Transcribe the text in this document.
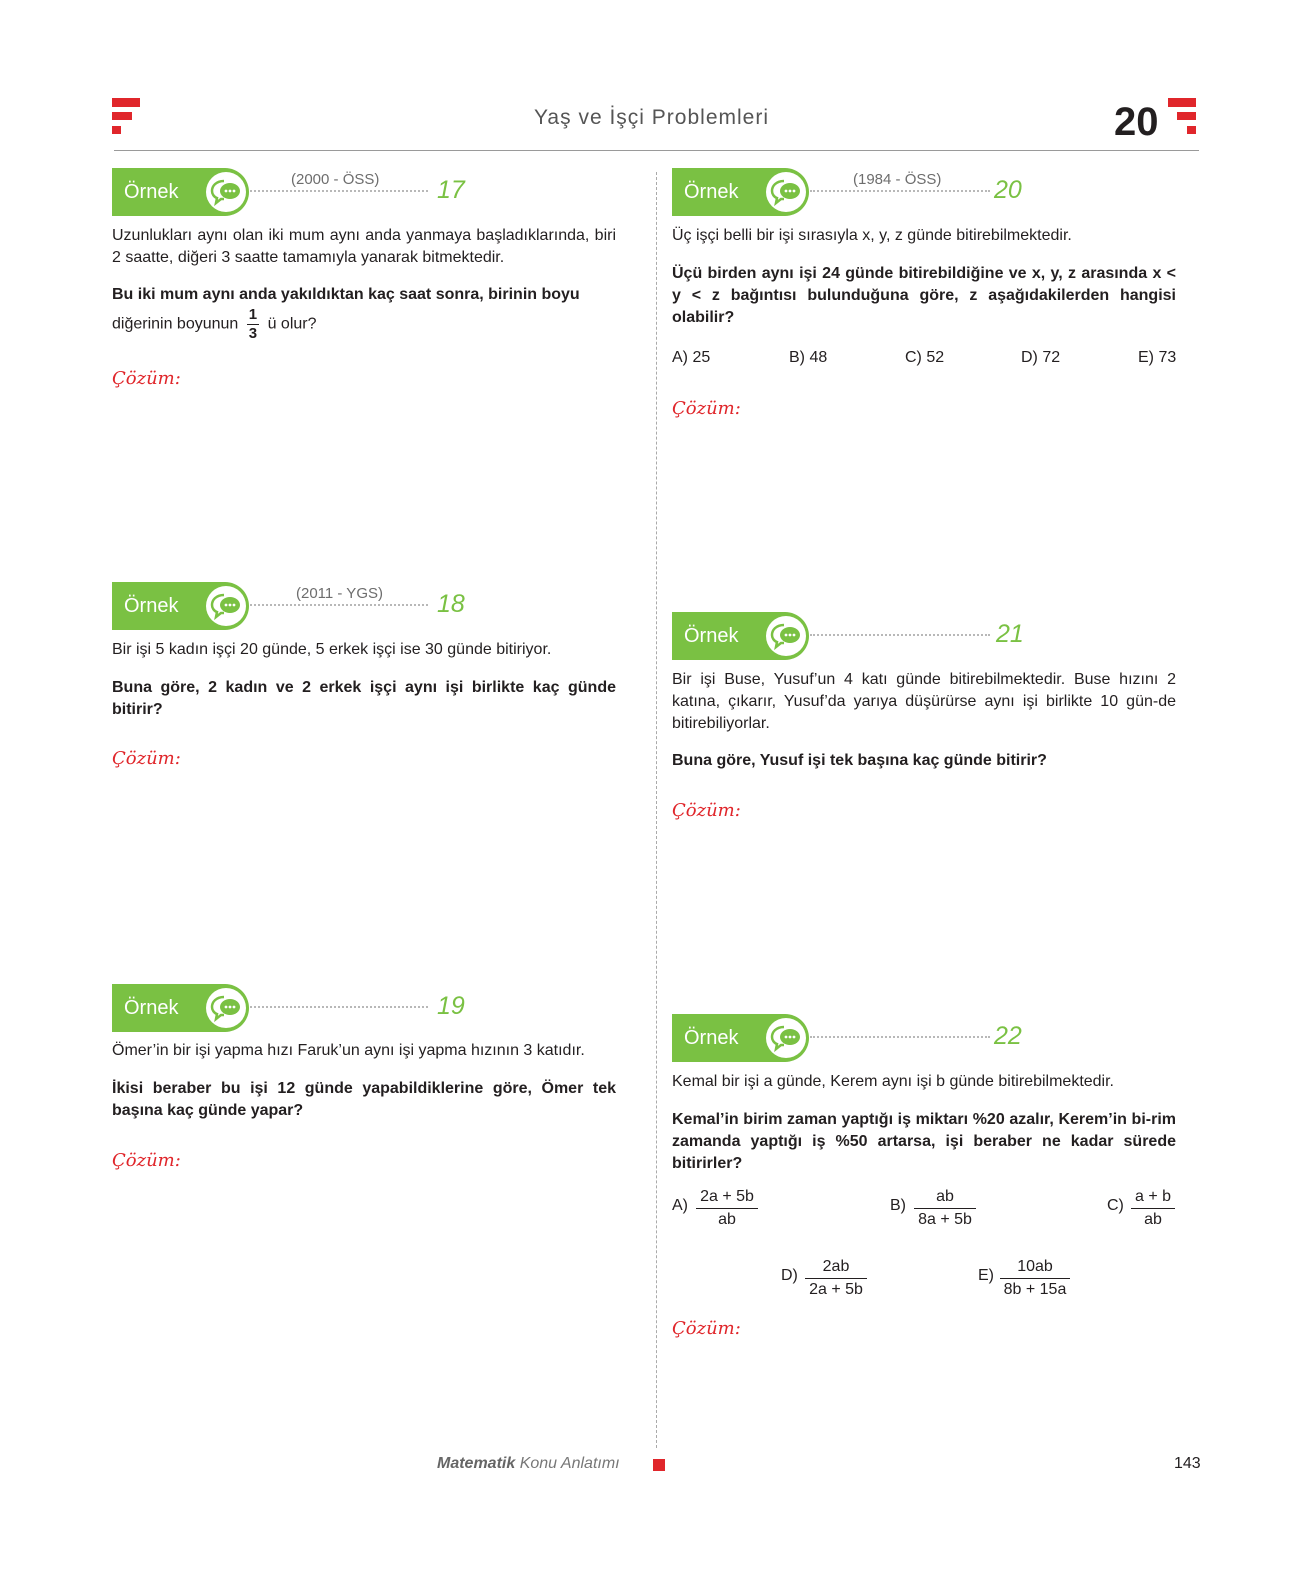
Yaş ve İşçi Problemleri	20
Örnek
(2000 - ÖSS) 17
Uzunlukları aynı olan iki mum aynı anda yanmaya başladıklarında, biri 2 saatte, diğeri 3 saatte tamamıyla yanarak bitmektedir.
Bu iki mum aynı anda yakıldıktan kaç saat sonra, birinin boyu
diğerinin boyunun $\frac{1}{3}$ ü olur?
Çözüm:
Örnek
(2011 - YGS) 18
Bir işi 5 kadın işçi 20 günde, 5 erkek işçi ise 30 günde bitiriyor.
Buna göre, 2 kadın ve 2 erkek işçi aynı işi birlikte kaç günde bitirir?
Çözüm:
Örnek	19
Ömer’in bir işi yapma hızı Faruk’un aynı işi yapma hızının 3 katıdır.
İkisi beraber bu işi 12 günde yapabildiklerine göre, Ömer tek başına kaç günde yapar?
Çözüm:
Örnek
(1984 - ÖSS) 20
Üç işçi belli bir işi sırasıyla x, y, z günde bitirebilmektedir.
Üçü birden aynı işi 24 günde bitirebildiğine ve x, y, z arasında x < y < z bağıntısı bulunduğuna göre, z aşağıdakilerden hangisi olabilir?
A) 25	B) 48	C) 52	D) 72	E) 73
Çözüm:
Örnek	21
Bir işi Buse, Yusuf’un 4 katı günde bitirebilmektedir. Buse hızını 2 katına, çıkarır, Yusuf’da yarıya düşürürse aynı işi birlikte 10 gün-de bitirebiliyorlar.
Buna göre, Yusuf işi tek başına kaç günde bitirir?
Çözüm:
Örnek	22
Kemal bir işi a günde, Kerem aynı işi b günde bitirebilmektedir.
Kemal’in birim zaman yaptığı iş miktarı %20 azalır, Kerem’in bi-rim zamanda yaptığı iş %50 artarsa, işi beraber ne kadar sürede bitirirler?
$A) \frac{2a + 5b}{ab}$	$B) \frac{ab}{8a + 5b}$	$C) \frac{a + b}{ab}$
$D) \frac{2ab}{2a + 5b}$	$E) \frac{10ab}{8b + 15a}$
Çözüm:
Matematik Konu Anlatımı	143
